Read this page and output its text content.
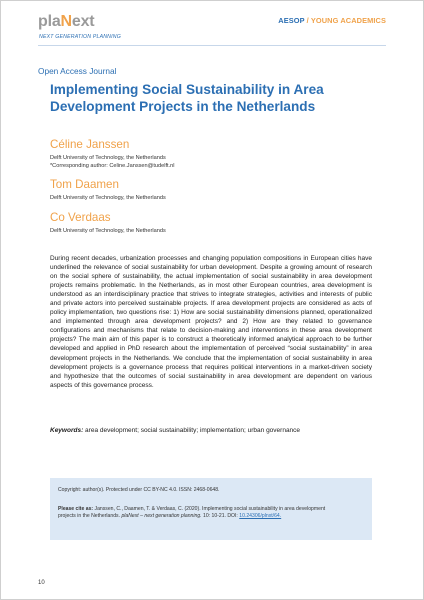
plaNext
NEXT GENERATION PLANNING
AESOP / YOUNG ACADEMICS
Open Access Journal
Implementing Social Sustainability in Area Development Projects in the Netherlands
Céline Janssen
Delft University of Technology, the Netherlands
*Corresponding author: Celine.Janssen@tudelft.nl
Tom Daamen
Delft University of Technology, the Netherlands
Co Verdaas
Delft University of Technology, the Netherlands

During recent decades, urbanization processes and changing population compositions in European cities have underlined the relevance of social sustainability for urban development. Despite a growing amount of research on the social sphere of sustainability, the actual implementation of social sustainability in area development projects remains problematic. In the Netherlands, as in most other European countries, area development is understood as an interdisciplinary practice that strives to integrate strategies, activities and interests of public and private actors into perceived sustainable projects. If area development projects are considered as acts of policy implementation, two questions rise: 1) How are social sustainability dimensions planned, operationalized and implemented through area development projects? and 2) How are they related to governance configurations and mechanisms that relate to decision-making and interventions in these area development projects? The main aim of this paper is to construct a theoretically informed analytical approach to be further developed and applied in PhD research about the implementation of perceived “social sustainability” in area development projects in the Netherlands. We conclude that the implementation of social sustainability in area development projects is a governance process that requires political interventions in a market-driven society and hypothesize that the outcomes of social sustainability in area development are dependent on various aspects of this governance process.

Keywords: area development; social sustainability; implementation; urban governance
Copyright: author(s). Protected under CC BY-NC 4.0. ISSN: 2468-0648.

Please cite as: Janssen, C., Daamen, T. & Verdaas, C. (2020). Implementing social sustainability in area development projects in the Netherlands. plaNext – next generation planning. 10: 10-21. DOI: 10.24306/plnxt/64.

10
